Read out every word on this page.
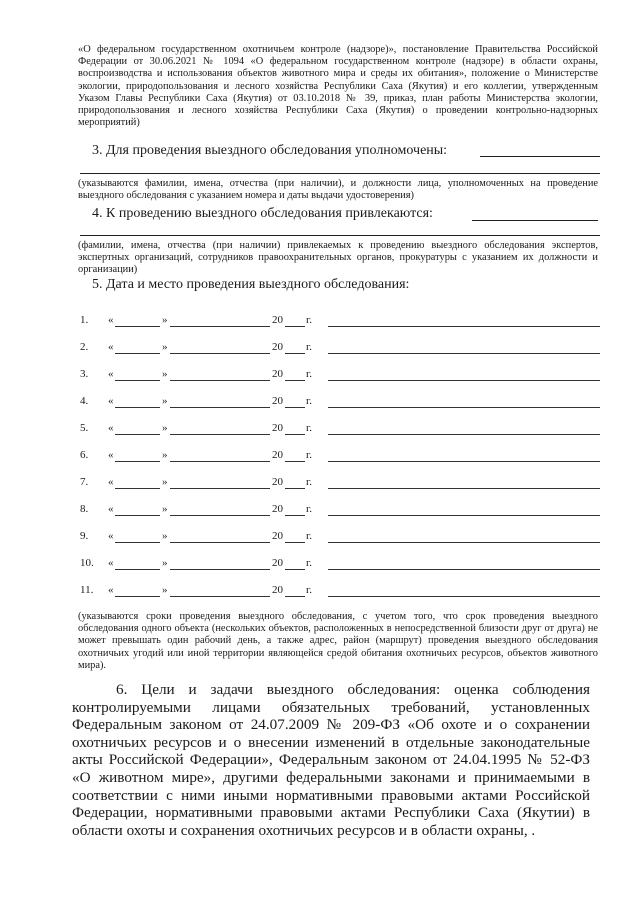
«О федеральном государственном охотничьем контроле (надзоре)», постановление Правительства Российской Федерации от 30.06.2021 № 1094 «О федеральном государственном контроле (надзоре) в области охраны, воспроизводства и использования объектов животного мира и среды их обитания», положение о Министерстве экологии, природопользования и лесного хозяйства Республики Саха (Якутия) и его коллегии, утвержденным Указом Главы Республики Саха (Якутия) от 03.10.2018 № 39, приказ, план работы Министерства экологии, природопользования и лесного хозяйства Республики Саха (Якутия) о проведении контрольно-надзорных мероприятий)
3. Для проведения выездного обследования уполномочены:
(указываются фамилии, имена, отчества (при наличии), и должности лица, уполномоченных на проведение выездного обследования с указанием номера и даты выдачи удостоверения)
4. К проведению выездного обследования привлекаются:
(фамилии, имена, отчества (при наличии) привлекаемых к проведению выездного обследования экспертов, экспертных организаций, сотрудников правоохранительных органов, прокуратуры с указанием их должности и организации)
5. Дата и место проведения выездного обследования:
1. «	»	20 г.
2. «	»	20 г.
3. «	»	20 г.
4. «	»	20 г.
5. «	»	20 г.
6. «	»	20 г.
7. «	»	20 г.
8. «	»	20 г.
9. «	»	20 г.
10. «	»	20 г.
11. «	»	20 г.
(указываются сроки проведения выездного обследования, с учетом того, что срок проведения выездного обследования одного объекта (нескольких объектов, расположенных в непосредственной близости друг от друга) не может превышать один рабочий день, а также адрес, район (маршрут) проведения выездного обследования охотничьих угодий или иной территории являющейся средой обитания охотничьих ресурсов, объектов животного мира).

6. Цели и задачи выездного обследования: оценка соблюдения контролируемыми лицами обязательных требований, установленных Федеральным законом от 24.07.2009 № 209-ФЗ «Об охоте и о сохранении охотничьих ресурсов и о внесении изменений в отдельные законодательные акты Российской Федерации», Федеральным законом от 24.04.1995 № 52-ФЗ «О животном мире», другими федеральными законами и принимаемыми в соответствии с ними иными нормативными правовыми актами Российской Федерации, нормативными правовыми актами Республики Саха (Якутии) в области охоты и сохранения охотничьих ресурсов и в области охраны, .
